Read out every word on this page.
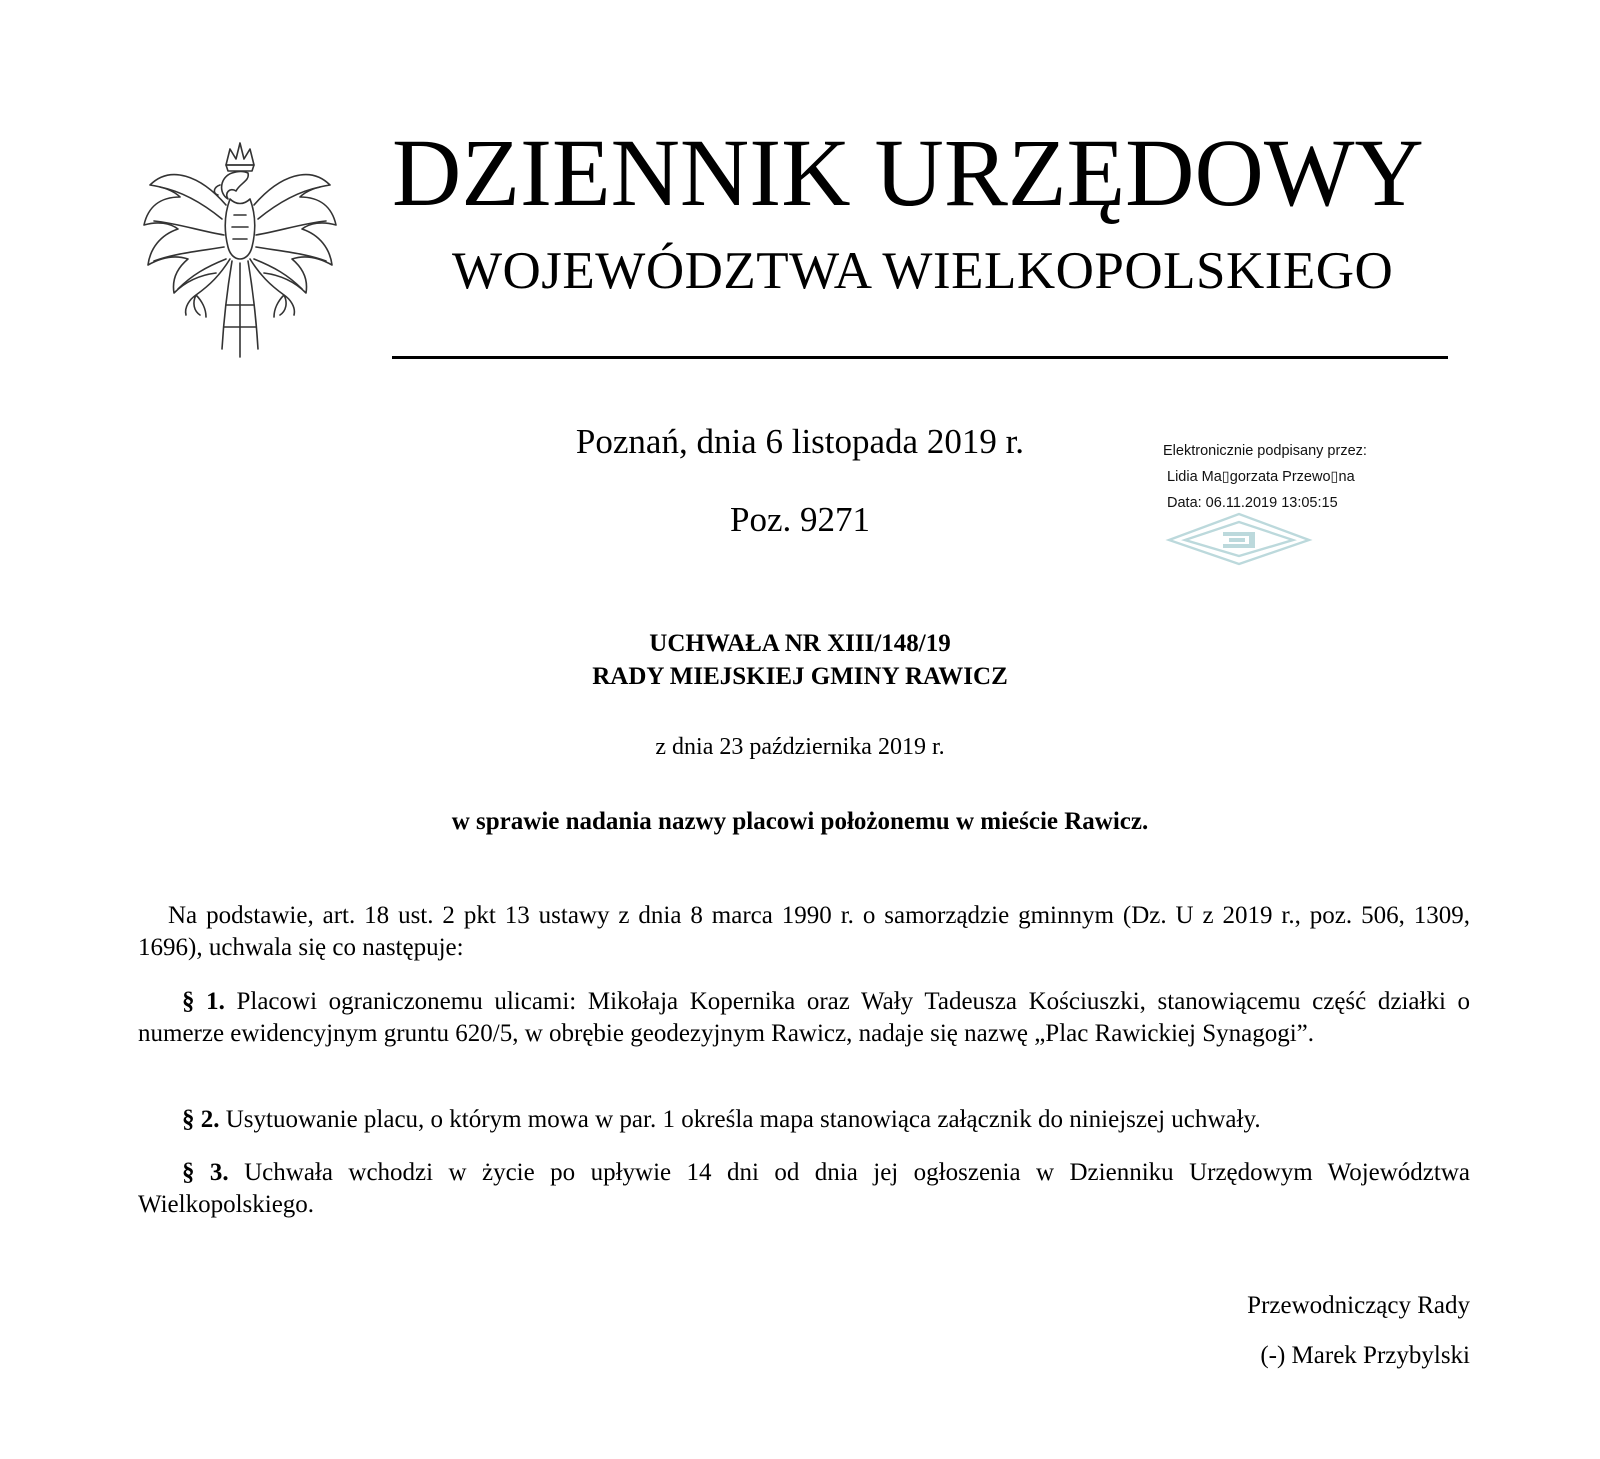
DZIENNIK URZĘDOWY
WOJEWÓDZTWA WIELKOPOLSKIEGO
Poznań, dnia 6 listopada 2019 r.
Poz. 9271
Elektronicznie podpisany przez:
Lidia Ma▯gorzata Przewo▯na
Data: 06.11.2019 13:05:15
UCHWAŁA NR XIII/148/19
RADY MIEJSKIEJ GMINY RAWICZ
z dnia 23 października 2019 r.
w sprawie nadania nazwy placowi położonemu w mieście Rawicz.
Na podstawie, art. 18 ust. 2 pkt 13 ustawy z dnia 8 marca 1990 r. o samorządzie gminnym (Dz. U z 2019 r., poz. 506, 1309, 1696), uchwala się co następuje:
§ 1. Placowi ograniczonemu ulicami: Mikołaja Kopernika oraz Wały Tadeusza Kościuszki, stanowiącemu część działki o numerze ewidencyjnym gruntu 620/5, w obrębie geodezyjnym Rawicz, nadaje się nazwę „Plac Rawickiej Synagogi”.
§ 2. Usytuowanie placu, o którym mowa w par. 1 określa mapa stanowiąca załącznik do niniejszej uchwały.
§ 3. Uchwała wchodzi w życie po upływie 14 dni od dnia jej ogłoszenia w Dzienniku Urzędowym Województwa Wielkopolskiego.
Przewodniczący Rady
(-) Marek Przybylski
